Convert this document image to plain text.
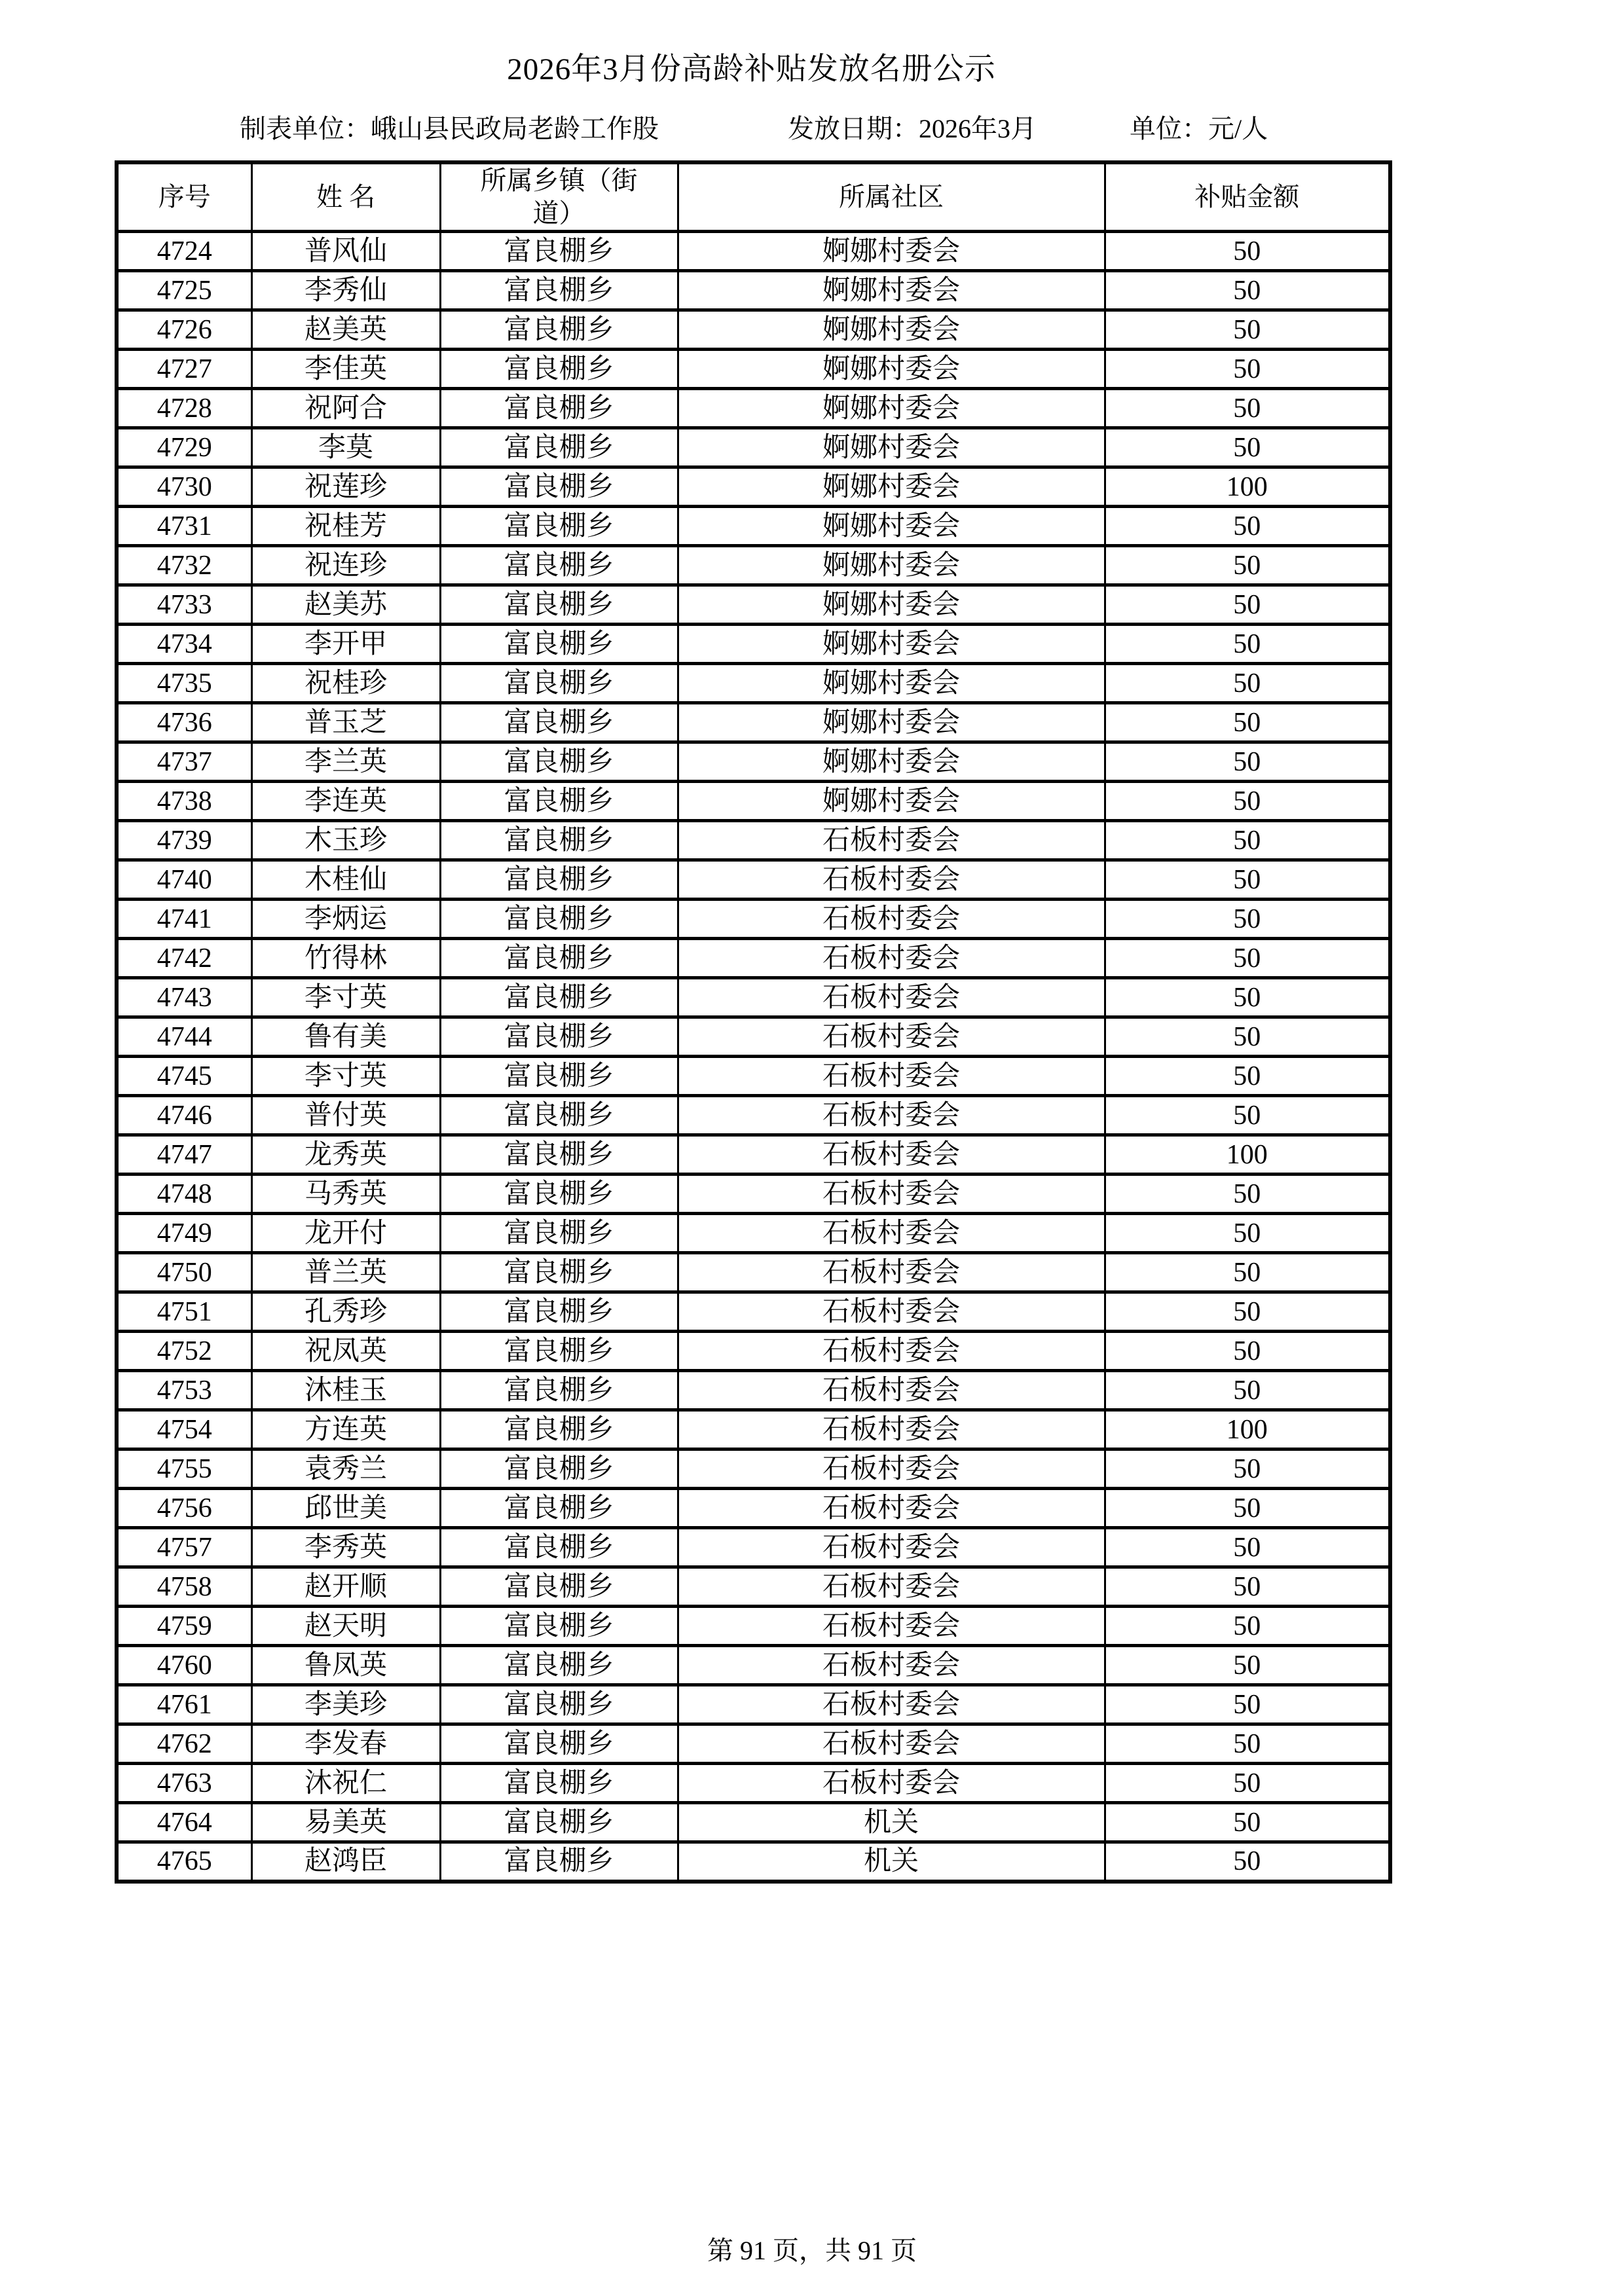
2026年3月份高龄补贴发放名册公示
制表单位：峨山县民政局老龄工作股	发放日期：2026年3月	单位：元/人
序号	姓 名	所属乡镇（街道）	所属社区	补贴金额
4724	普风仙	富良棚乡	婀娜村委会	50
4725	李秀仙	富良棚乡	婀娜村委会	50
4726	赵美英	富良棚乡	婀娜村委会	50
4727	李佳英	富良棚乡	婀娜村委会	50
4728	祝阿合	富良棚乡	婀娜村委会	50
4729	李莫	富良棚乡	婀娜村委会	50
4730	祝莲珍	富良棚乡	婀娜村委会	100
4731	祝桂芳	富良棚乡	婀娜村委会	50
4732	祝连珍	富良棚乡	婀娜村委会	50
4733	赵美苏	富良棚乡	婀娜村委会	50
4734	李开甲	富良棚乡	婀娜村委会	50
4735	祝桂珍	富良棚乡	婀娜村委会	50
4736	普玉芝	富良棚乡	婀娜村委会	50
4737	李兰英	富良棚乡	婀娜村委会	50
4738	李连英	富良棚乡	婀娜村委会	50
4739	木玉珍	富良棚乡	石板村委会	50
4740	木桂仙	富良棚乡	石板村委会	50
4741	李炳运	富良棚乡	石板村委会	50
4742	竹得林	富良棚乡	石板村委会	50
4743	李寸英	富良棚乡	石板村委会	50
4744	鲁有美	富良棚乡	石板村委会	50
4745	李寸英	富良棚乡	石板村委会	50
4746	普付英	富良棚乡	石板村委会	50
4747	龙秀英	富良棚乡	石板村委会	100
4748	马秀英	富良棚乡	石板村委会	50
4749	龙开付	富良棚乡	石板村委会	50
4750	普兰英	富良棚乡	石板村委会	50
4751	孔秀珍	富良棚乡	石板村委会	50
4752	祝凤英	富良棚乡	石板村委会	50
4753	沐桂玉	富良棚乡	石板村委会	50
4754	方连英	富良棚乡	石板村委会	100
4755	袁秀兰	富良棚乡	石板村委会	50
4756	邱世美	富良棚乡	石板村委会	50
4757	李秀英	富良棚乡	石板村委会	50
4758	赵开顺	富良棚乡	石板村委会	50
4759	赵天明	富良棚乡	石板村委会	50
4760	鲁凤英	富良棚乡	石板村委会	50
4761	李美珍	富良棚乡	石板村委会	50
4762	李发春	富良棚乡	石板村委会	50
4763	沐祝仁	富良棚乡	石板村委会	50
4764	易美英	富良棚乡	机关	50
4765	赵鸿臣	富良棚乡	机关	50
第 91 页，共 91 页
